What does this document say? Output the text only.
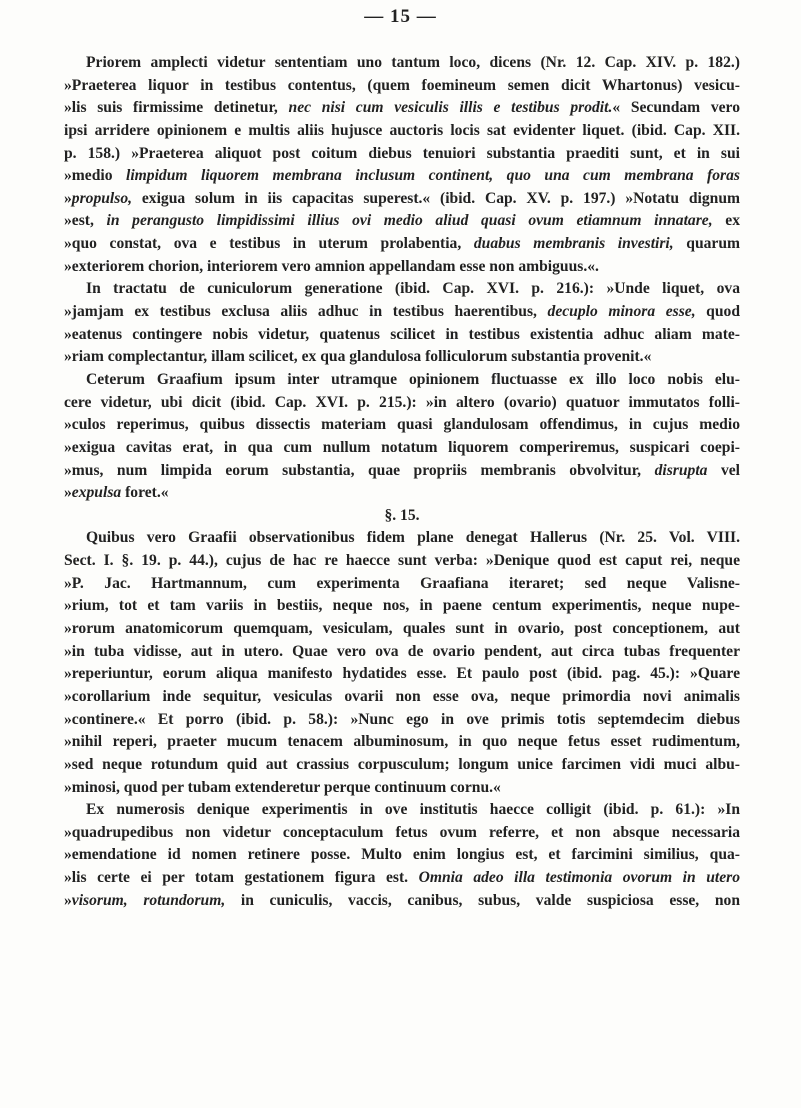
— 15 —
Priorem amplecti videtur sententiam uno tantum loco, dicens (Nr. 12. Cap. XIV. p. 182.)
»Praeterea liquor in testibus contentus, (quem foemineum semen dicit Whartonus) vesicu-
»lis suis firmissime detinetur, nec nisi cum vesiculis illis e testibus prodit.« Secundam vero
ipsi arridere opinionem e multis aliis hujusce auctoris locis sat evidenter liquet. (ibid. Cap. XII.
p. 158.) »Praeterea aliquot post coitum diebus tenuiori substantia praediti sunt, et in sui
»medio limpidum liquorem membrana inclusum continent, quo una cum membrana foras
»propulso, exigua solum in iis capacitas superest.« (ibid. Cap. XV. p. 197.) »Notatu dignum
»est, in perangusto limpidissimi illius ovi medio aliud quasi ovum etiamnum innatare, ex
»quo constat, ova e testibus in uterum prolabentia, duabus membranis investiri, quarum
»exteriorem chorion, interiorem vero amnion appellandam esse non ambiguus.«.
In tractatu de cuniculorum generatione (ibid. Cap. XVI. p. 216.): »Unde liquet, ova
»jamjam ex testibus exclusa aliis adhuc in testibus haerentibus, decuplo minora esse, quod
»eatenus contingere nobis videtur, quatenus scilicet in testibus existentia adhuc aliam mate-
»riam complectantur, illam scilicet, ex qua glandulosa folliculorum substantia provenit.«
Ceterum Graafium ipsum inter utramque opinionem fluctuasse ex illo loco nobis elu-
cere videtur, ubi dicit (ibid. Cap. XVI. p. 215.): »in altero (ovario) quatuor immutatos folli-
»culos reperimus, quibus dissectis materiam quasi glandulosam offendimus, in cujus medio
»exigua cavitas erat, in qua cum nullum notatum liquorem comperiremus, suspicari coepi-
»mus, num limpida eorum substantia, quae propriis membranis obvolvitur, disrupta vel
»expulsa foret.«
§. 15.
Quibus vero Graafii observationibus fidem plane denegat Hallerus (Nr. 25. Vol. VIII.
Sect. I. §. 19. p. 44.), cujus de hac re haecce sunt verba: »Denique quod est caput rei, neque
»P. Jac. Hartmannum, cum experimenta Graafiana iteraret; sed neque Valisne-
»rium, tot et tam variis in bestiis, neque nos, in paene centum experimentis, neque nupe-
»rorum anatomicorum quemquam, vesiculam, quales sunt in ovario, post conceptionem, aut
»in tuba vidisse, aut in utero. Quae vero ova de ovario pendent, aut circa tubas frequenter
»reperiuntur, eorum aliqua manifesto hydatides esse. Et paulo post (ibid. pag. 45.): »Quare
»corollarium inde sequitur, vesiculas ovarii non esse ova, neque primordia novi animalis
»continere.« Et porro (ibid. p. 58.): »Nunc ego in ove primis totis septemdecim diebus
»nihil reperi, praeter mucum tenacem albuminosum, in quo neque fetus esset rudimentum,
»sed neque rotundum quid aut crassius corpusculum; longum unice farcimen vidi muci albu-
»minosi, quod per tubam extenderetur perque continuum cornu.«
Ex numerosis denique experimentis in ove institutis haecce colligit (ibid. p. 61.): »In
»quadrupedibus non videtur conceptaculum fetus ovum referre, et non absque necessaria
»emendatione id nomen retinere posse. Multo enim longius est, et farcimini similius, qua-
»lis certe ei per totam gestationem figura est. Omnia adeo illa testimonia ovorum in utero
»visorum, rotundorum, in cuniculis, vaccis, canibus, subus, valde suspiciosa esse, non
